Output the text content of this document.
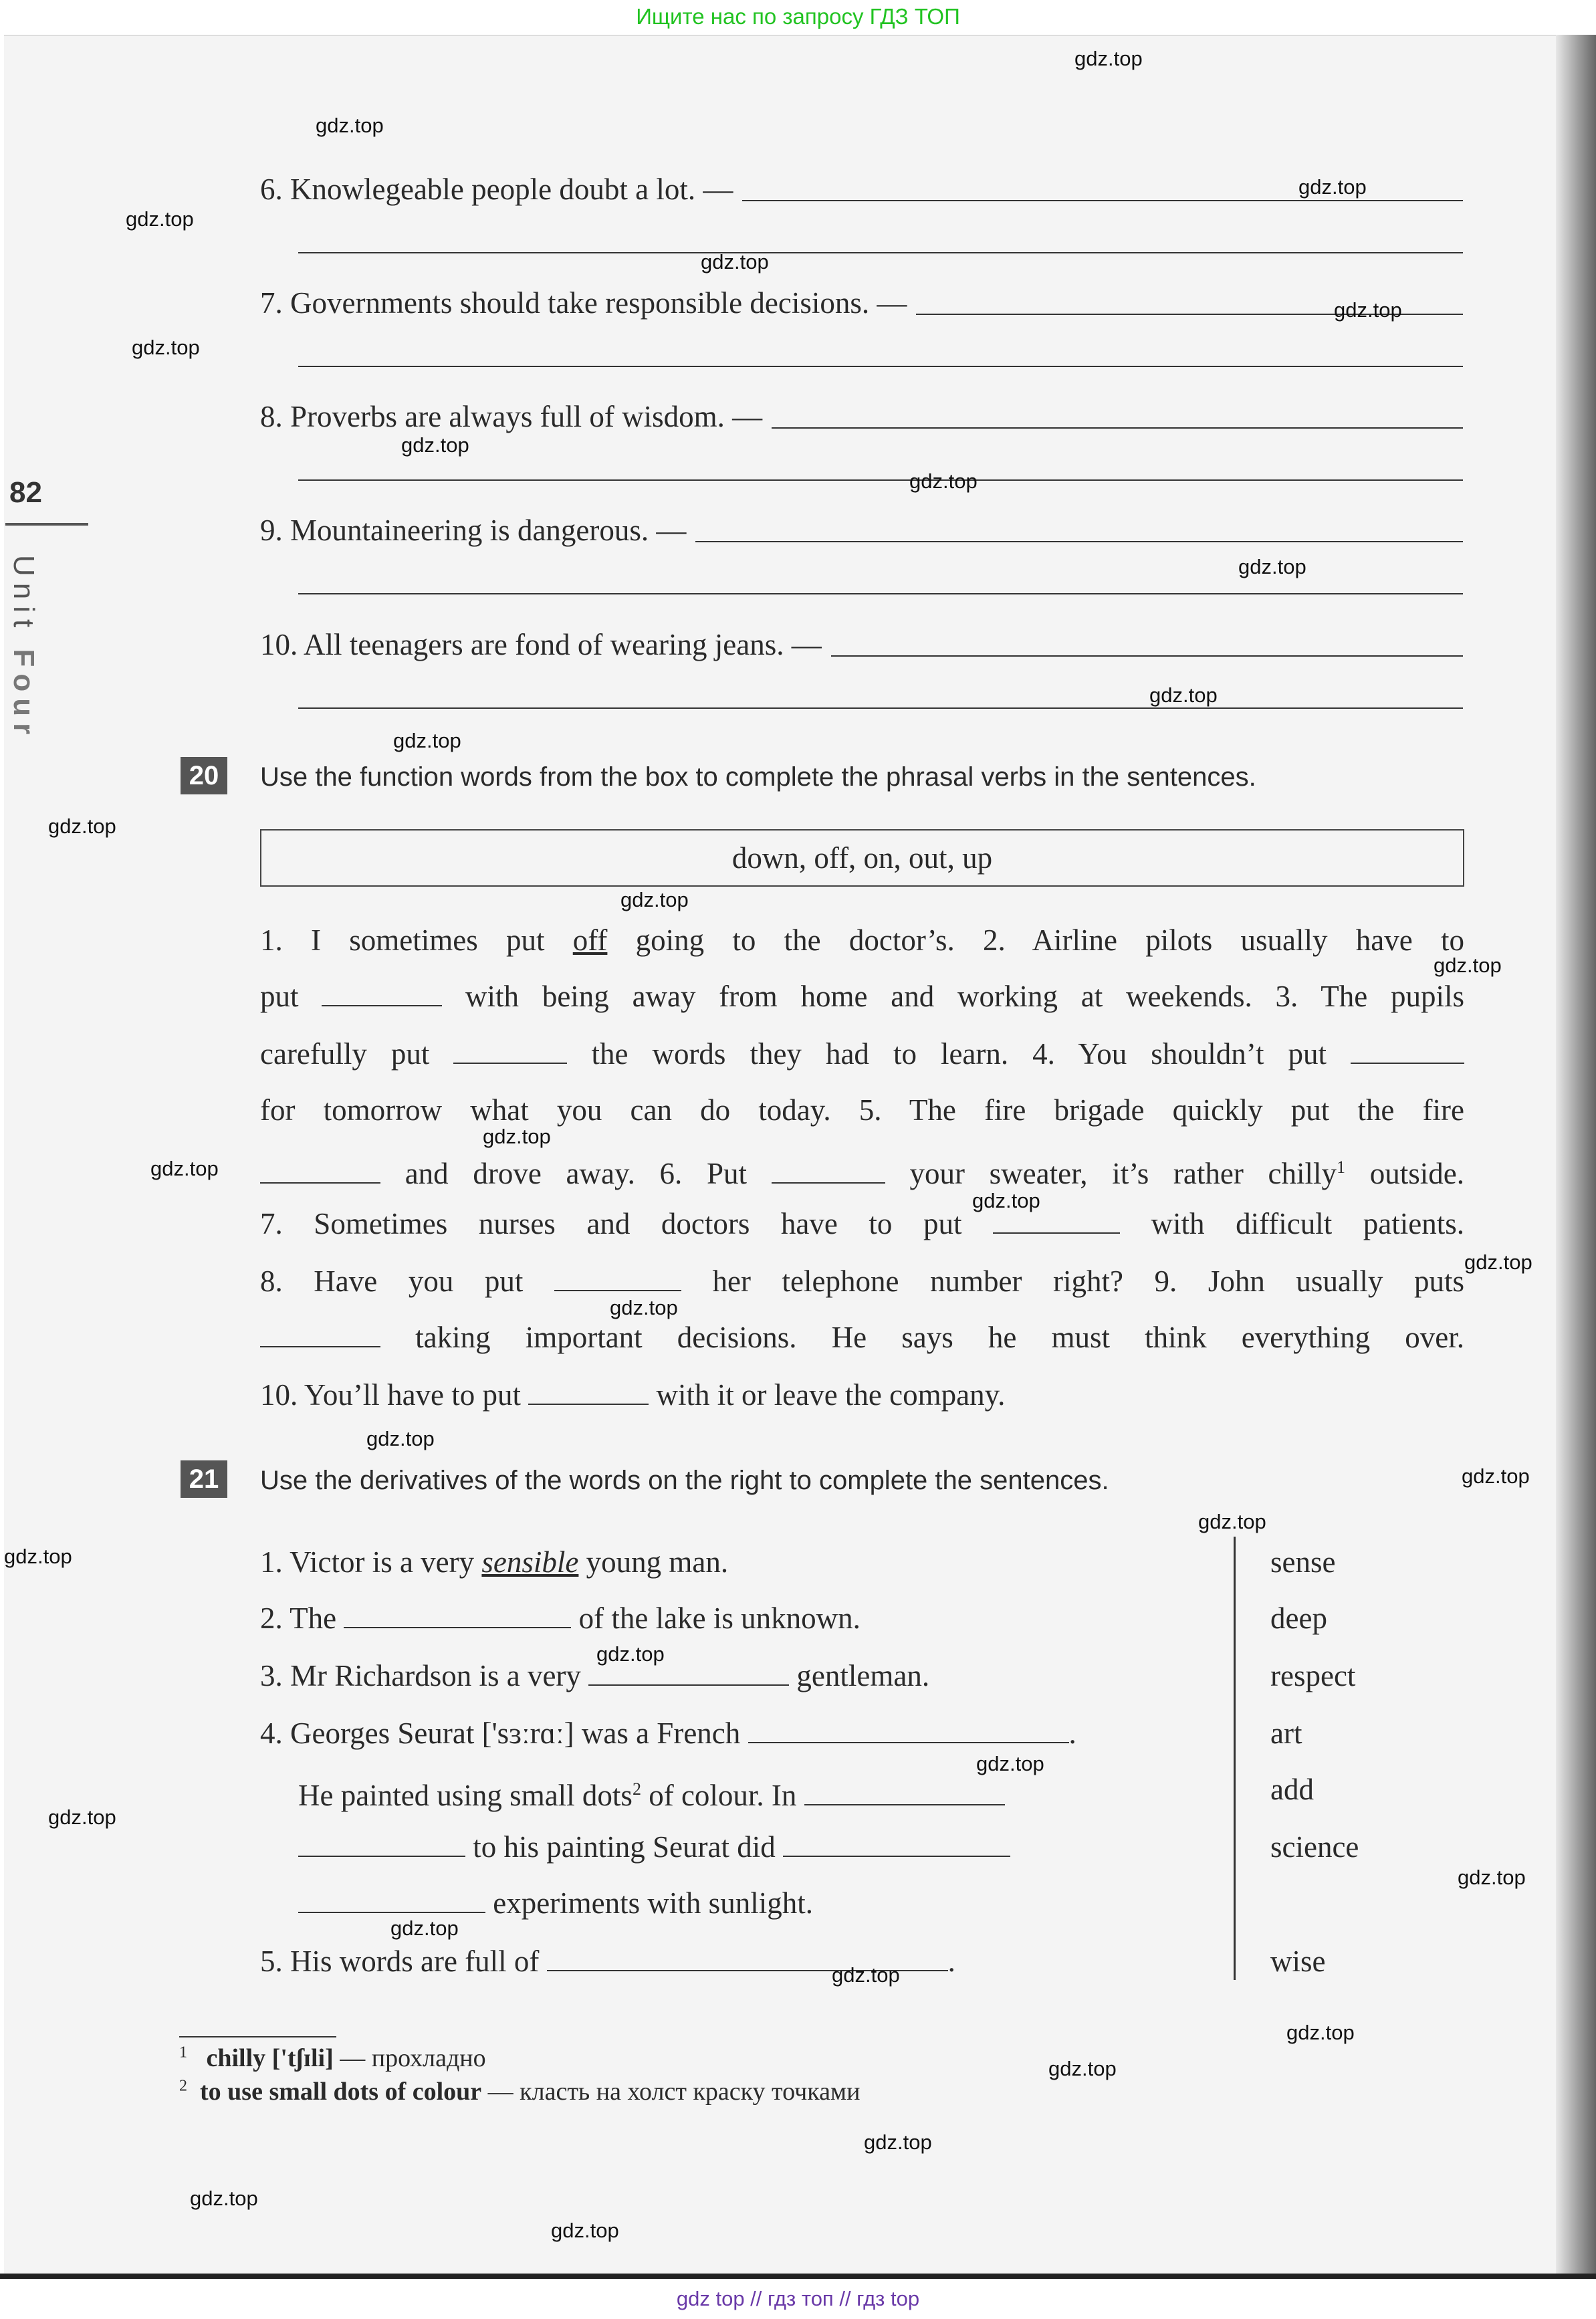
Ищите нас по запросу ГДЗ ТОП
82
Unit Four
6. Knowlegeable people doubt a lot. —
7. Governments should take responsible decisions. —
8. Proverbs are always full of wisdom. —
9. Mountaineering is dangerous. —
10. All teenagers are fond of wearing jeans. —
20	Use the function words from the box to complete the phrasal verbs in the sentences.
down, off, on, out, up
1. I sometimes put off going to the doctor’s. 2. Airline pilots usually have to
put	with being away from home and working at weekends. 3. The pupils
carefully put	the words they had to learn. 4. You shouldn’t put
for tomorrow what you can do today. 5. The fire brigade quickly put the fire
and drove away. 6. Put	your sweater, it’s rather chilly$^1$ outside.
7. Sometimes nurses and doctors have to put	with difficult patients.
8. Have you put	her telephone number right? 9. John usually puts
taking important decisions. He says he must think everything over.
10. You’ll have to put	with it or leave the company.
21	Use the derivatives of the words on the right to complete the sentences.
1. Victor is a very sensible young man.
2. The	of the lake is unknown.
3. Mr Richardson is a very	gentleman.
4. Georges Seurat ['sɜːrɑː] was a French	.
He painted using small dots$^2$ of colour. In
to his painting Seurat did
experiments with sunlight.
5. His words are full of	.
sense
deep
respect
art
add
science
wise
$^1$ chilly ['tʃɪli] — прохладно
$^2$ to use small dots of colour — класть на холст краску точками
gdz.top
gdz.top
gdz.top
gdz.top
gdz.top
gdz.top
gdz.top
gdz.top
gdz.top
gdz.top
gdz.top
gdz.top
gdz.top
gdz.top
gdz.top
gdz.top
gdz.top
gdz.top
gdz.top
gdz.top
gdz.top
gdz.top
gdz.top
gdz.top
gdz.top
gdz.top
gdz.top
gdz.top
gdz.top
gdz.top
gdz.top
gdz.top
gdz.top
gdz.top
gdz.top
gdz top // гдз топ // гдз top
